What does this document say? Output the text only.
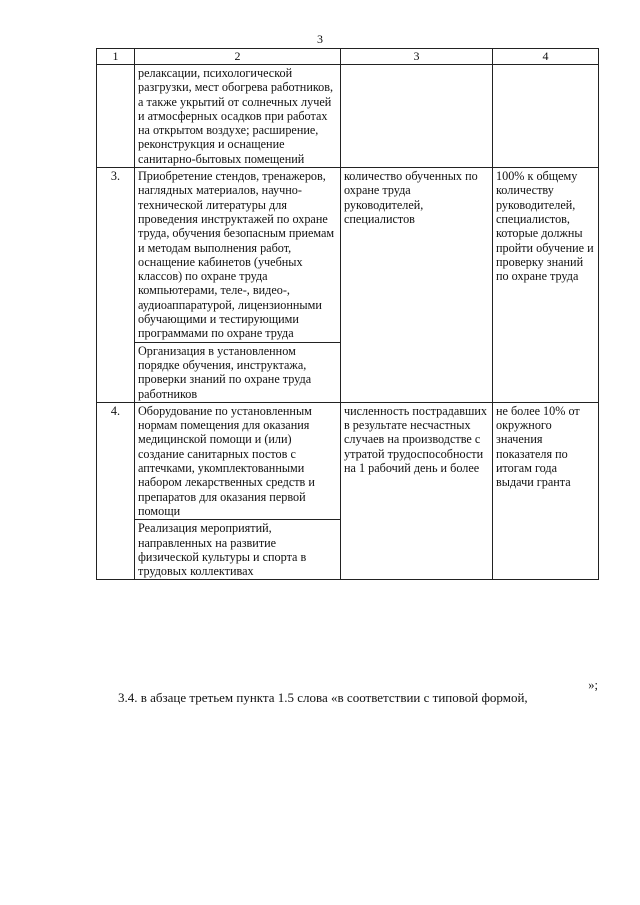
3
1	2	3	4
	релаксации, психологической разгрузки, мест обогрева работников, а также укрытий от солнечных лучей и атмосферных осадков при работах на открытом воздухе; расширение, реконструкция и оснащение санитарно-бытовых помещений		
3.	Приобретение стендов, тренажеров, наглядных материалов, научно-технической литературы для проведения инструктажей по охране труда, обучения безопасным приемам и методам выполнения работ, оснащение кабинетов (учебных классов) по охране труда компьютерами, теле-, видео-, аудиоаппаратурой, лицензионными обучающими и тестирующими программами по охране труда	количество обученных по охране труда руководителей, специалистов	100% к общему количеству руководителей, специалистов, которые должны пройти обучение и проверку знаний по охране труда
	Организация в установленном порядке обучения, инструктажа, проверки знаний по охране труда работников		
4.	Оборудование по установленным нормам помещения для оказания медицинской помощи и (или) создание санитарных постов с аптечками, укомплектованными набором лекарственных средств и препаратов для оказания первой помощи	численность пострадавших в результате несчастных случаев на производстве с утратой трудоспособности на 1 рабочий день и более	не более 10% от окружного значения показателя по итогам года выдачи гранта
	Реализация мероприятий, направленных на развитие физической культуры и спорта в трудовых коллективах		
»;
3.4. в абзаце третьем пункта 1.5 слова «в соответствии с типовой формой,
